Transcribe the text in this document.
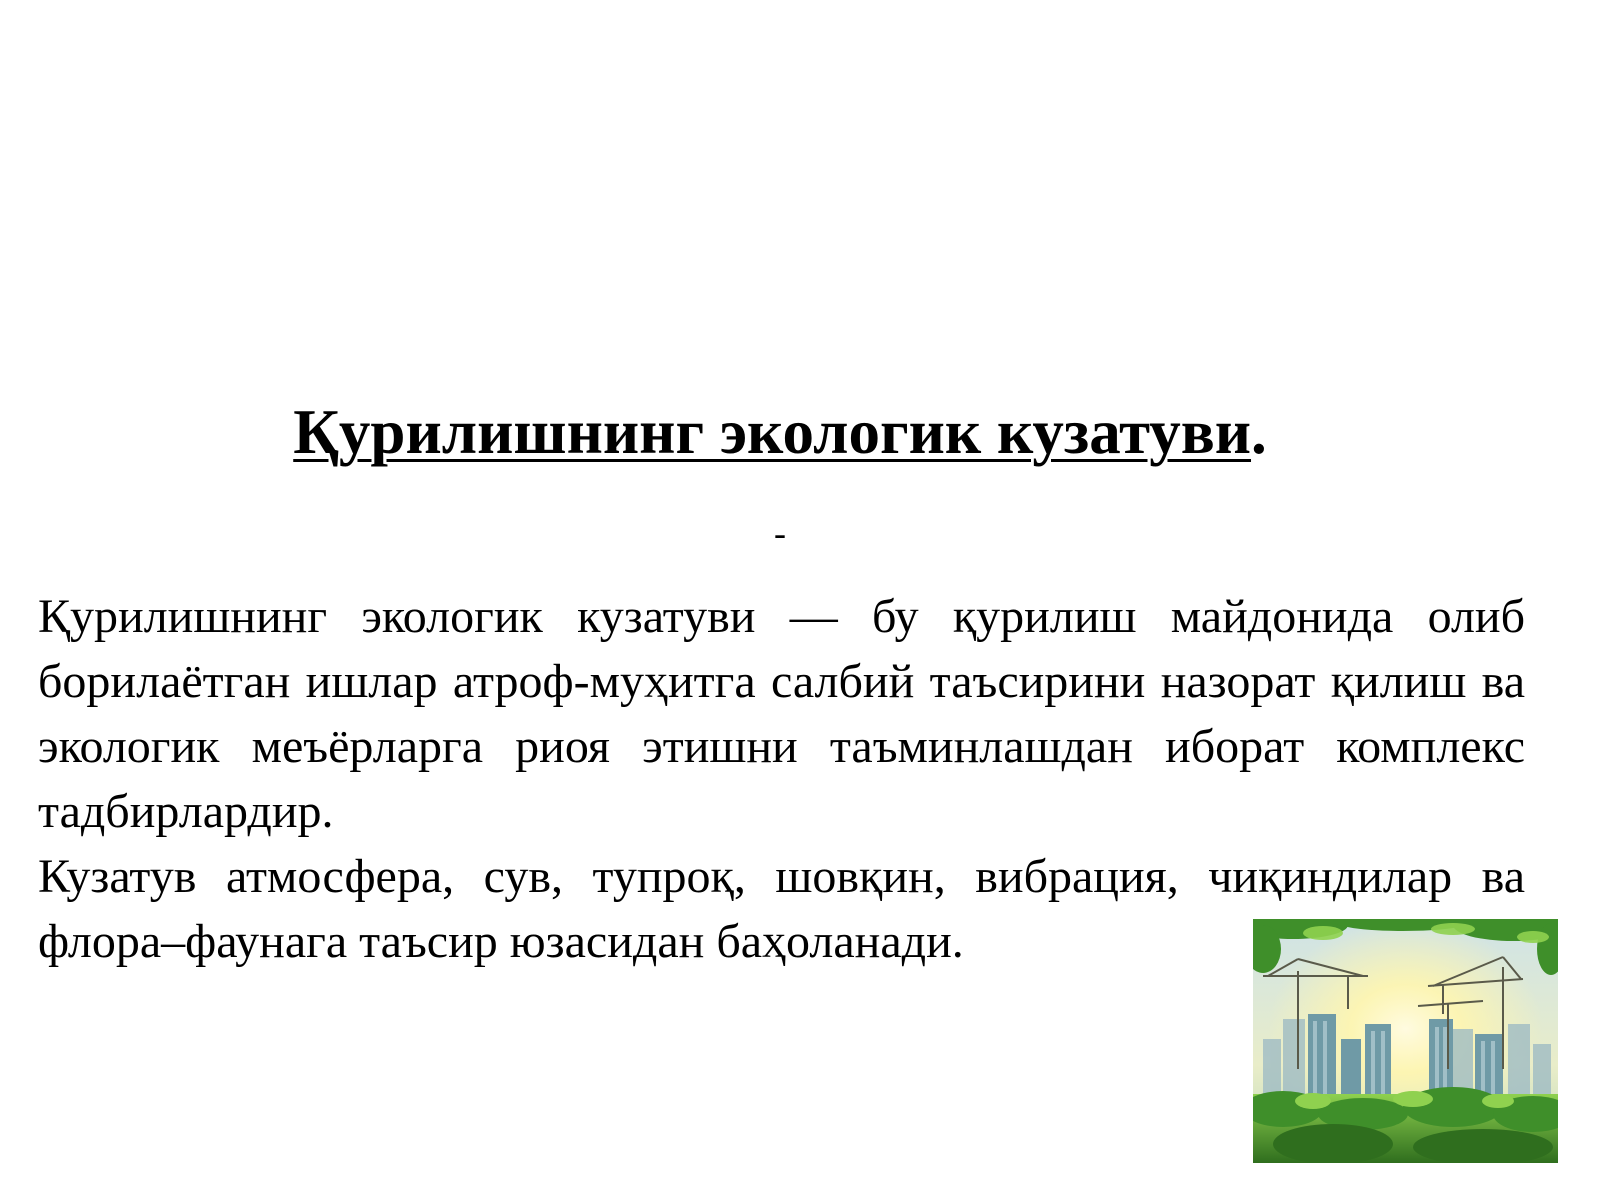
Қурилишнинг экологик кузатуви.
-

Қурилишнинг экологик кузатуви — бу қурилиш майдонида олиб борилаётган ишлар атроф-муҳитга салбий таъсирини назорат қилиш ва экологик меъёрларга риоя этишни таъминлашдан иборат комплекс тадбирлардир.

Кузатув атмосфера, сув, тупроқ, шовқин, вибрация, чиқиндилар ва флора–фаунага таъсир юзасидан баҳоланади.
